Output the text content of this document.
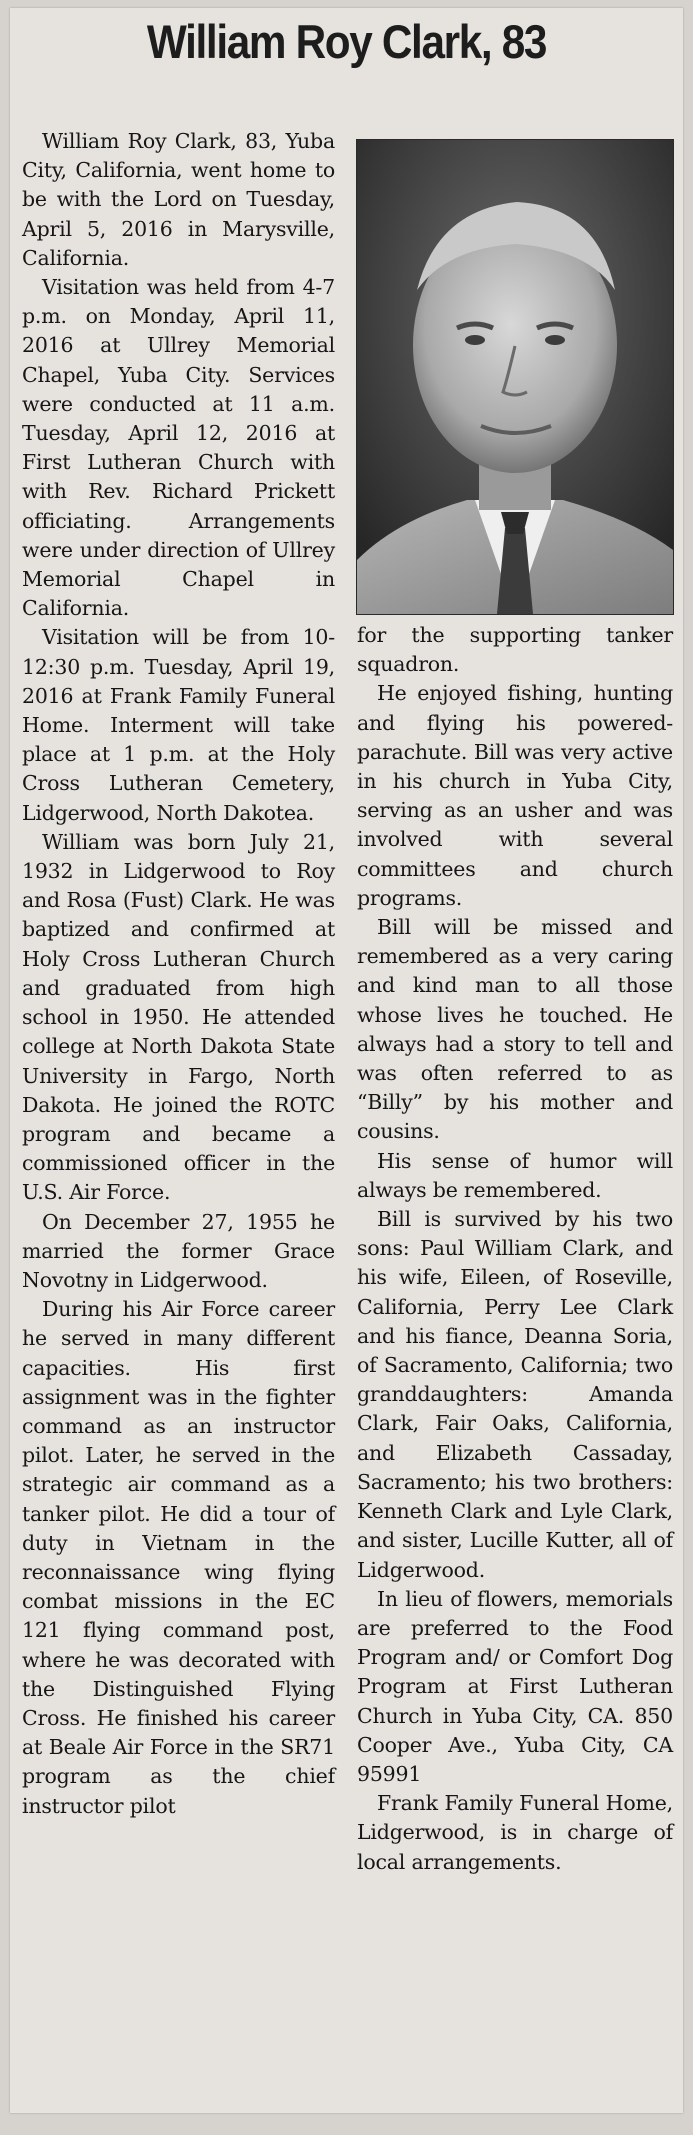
William Roy Clark, 83

William Roy Clark, 83, Yuba City, California, went home to be with the Lord on Tuesday, April 5, 2016 in Marysville, California.

Visitation was held from 4-7 p.m. on Monday, April 11, 2016 at Ullrey Memorial Chapel, Yuba City. Services were conducted at 11 a.m. Tuesday, April 12, 2016 at First Lutheran Church with with Rev. Richard Prickett officiating. Arrangements were under direction of Ullrey Memorial Chapel in California.

Visitation will be from 10-12:30 p.m. Tuesday, April 19, 2016 at Frank Family Funeral Home. Interment will take place at 1 p.m. at the Holy Cross Lutheran Cemetery, Lidgerwood, North Dakotea.

William was born July 21, 1932 in Lidgerwood to Roy and Rosa (Fust) Clark. He was baptized and confirmed at Holy Cross Lutheran Church and graduated from high school in 1950. He attended college at North Dakota State University in Fargo, North Dakota. He joined the ROTC program and became a commissioned officer in the U.S. Air Force.

On December 27, 1955 he married the former Grace Novotny in Lidgerwood.

During his Air Force career he served in many different capacities. His first assignment was in the fighter command as an instructor pilot. Later, he served in the strategic air command as a tanker pilot. He did a tour of duty in Vietnam in the reconnaissance wing flying combat missions in the EC 121 flying command post, where he was decorated with the Distinguished Flying Cross. He finished his career at Beale Air Force in the SR71 program as the chief instructor pilot

for the supporting tanker squadron.

He enjoyed fishing, hunting and flying his powered-parachute. Bill was very active in his church in Yuba City, serving as an usher and was involved with several committees and church programs.

Bill will be missed and remembered as a very caring and kind man to all those whose lives he touched. He always had a story to tell and was often referred to as “Billy” by his mother and cousins.

His sense of humor will always be remembered.

Bill is survived by his two sons: Paul William Clark, and his wife, Eileen, of Roseville, California, Perry Lee Clark and his fiance, Deanna Soria, of Sacramento, California; two granddaughters: Amanda Clark, Fair Oaks, California, and Elizabeth Cassaday, Sacramento; his two brothers: Kenneth Clark and Lyle Clark, and sister, Lucille Kutter, all of Lidgerwood.

In lieu of flowers, memorials are preferred to the Food Program and/ or Comfort Dog Program at First Lutheran Church in Yuba City, CA. 850 Cooper Ave., Yuba City, CA 95991

Frank Family Funeral Home, Lidgerwood, is in charge of local arrangements.
